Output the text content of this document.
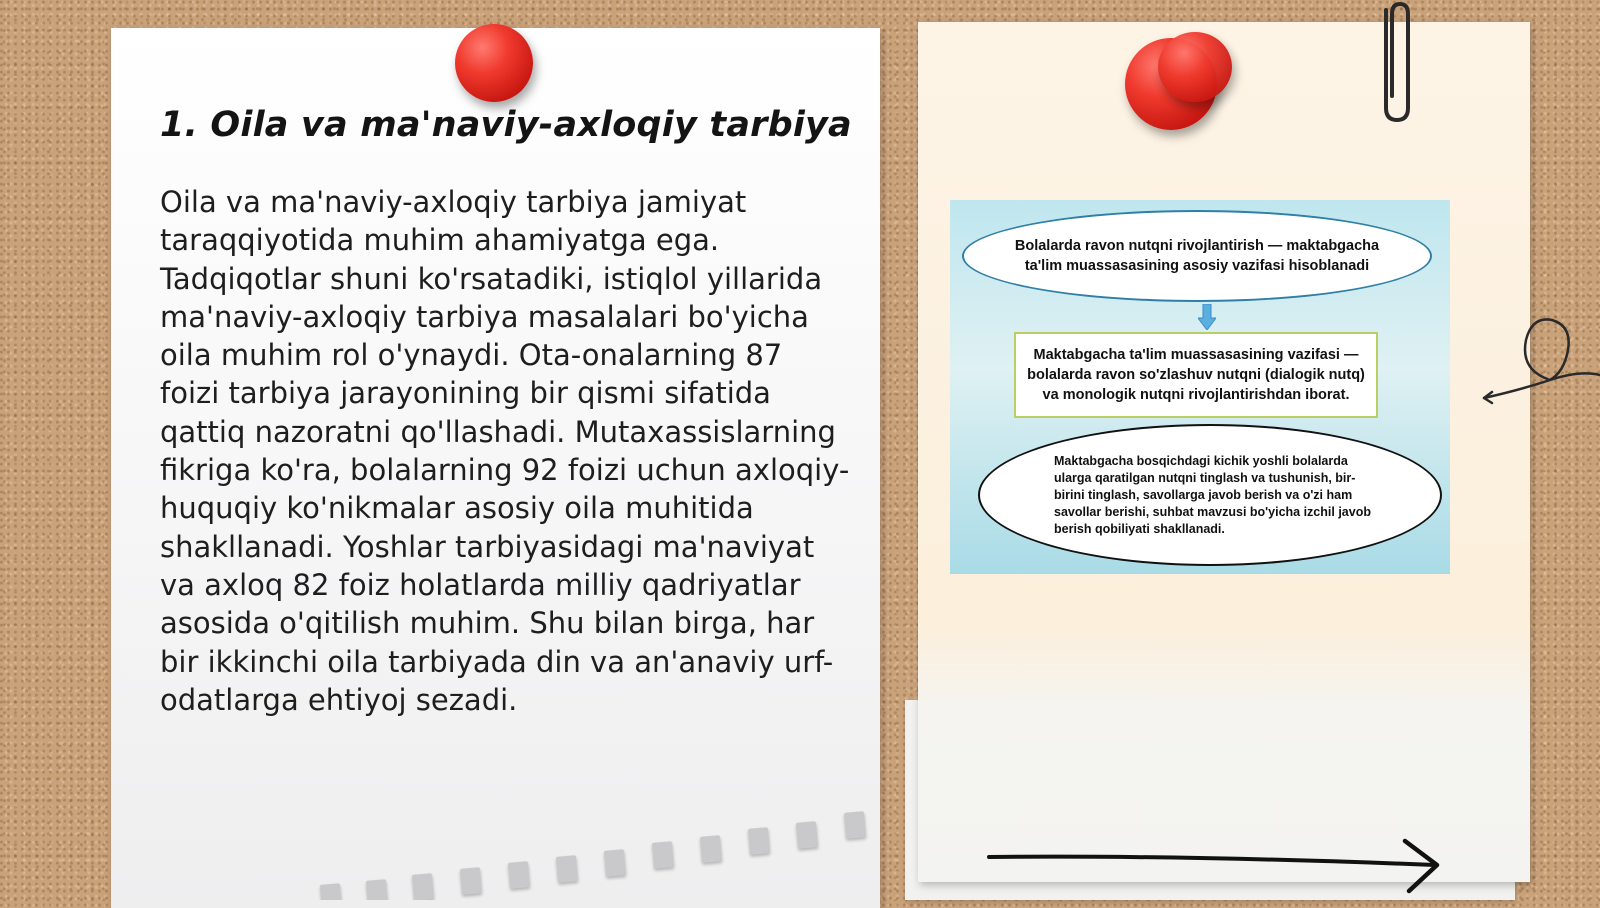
1. Oila va ma'naviy-axloqiy tarbiya

Oila va ma'naviy-axloqiy tarbiya jamiyat taraqqiyotida muhim ahamiyatga ega. Tadqiqotlar shuni ko'rsatadiki, istiqlol yillarida ma'naviy-axloqiy tarbiya masalalari bo'yicha oila muhim rol o'ynaydi. Ota-onalarning 87 foizi tarbiya jarayonining bir qismi sifatida qattiq nazoratni qo'llashadi. Mutaxassislarning fikriga ko'ra, bolalarning 92 foizi uchun axloqiy-huquqiy ko'nikmalar asosiy oila muhitida shakllanadi. Yoshlar tarbiyasidagi ma'naviyat va axloq 82 foiz holatlarda milliy qadriyatlar asosida o'qitilish muhim. Shu bilan birga, har bir ikkinchi oila tarbiyada din va an'anaviy urf-odatlarga ehtiyoj sezadi.

Bolalarda ravon nutqni rivojlantirish — maktabgacha ta'lim muassasasining asosiy vazifasi hisoblanadi
Maktabgacha ta'lim muassasasining vazifasi — bolalarda ravon so'zlashuv nutqni (dialogik nutq) va monologik nutqni rivojlantirishdan iborat.
Maktabgacha bosqichdagi kichik yoshli bolalarda ularga qaratilgan nutqni tinglash va tushunish, bir-birini tinglash, savollarga javob berish va o'zi ham savollar berishi, suhbat mavzusi bo'yicha izchil javob berish qobiliyati shakllanadi.
